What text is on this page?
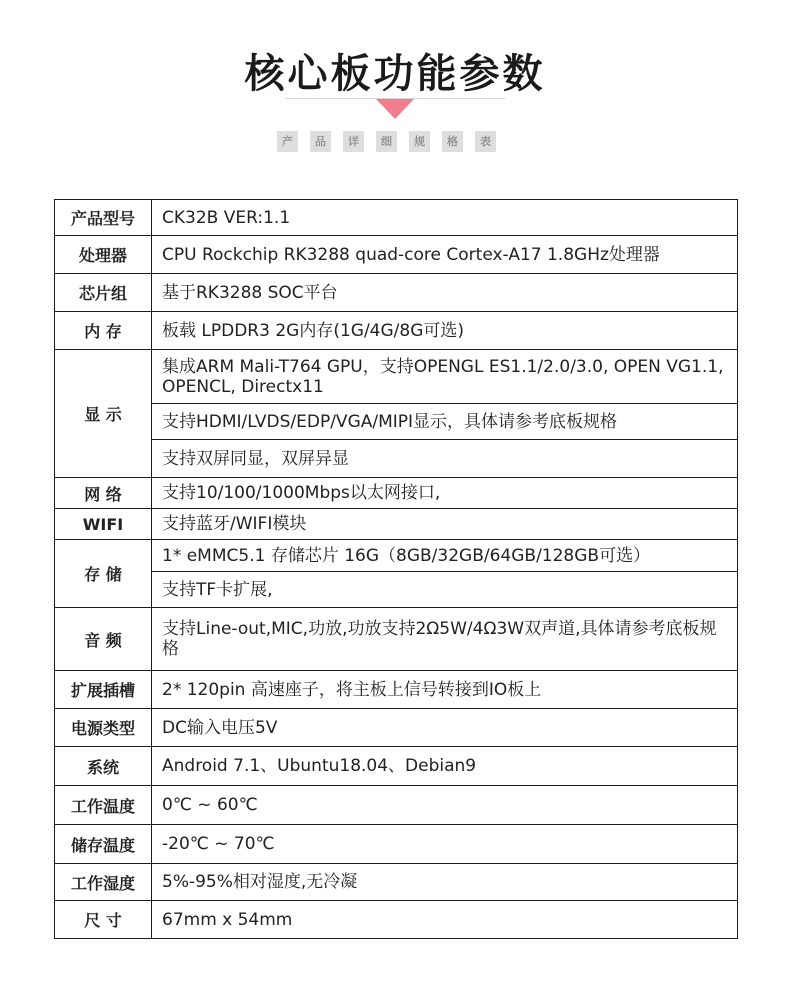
核心板功能参数
产	品	详	细	规	格	表
产品型号	CK32B VER:1.1
处理器	CPU Rockchip RK3288 quad-core Cortex-A17 1.8GHz处理器
芯片组	基于RK3288 SOC平台
内 存	板载 LPDDR3 2G内存(1G/4G/8G可选)
显 示	集成ARM Mali-T764 GPU，支持OPENGL ES1.1/2.0/3.0, OPEN VG1.1, OPENCL, Directx11
	支持HDMI/LVDS/EDP/VGA/MIPI显示，具体请参考底板规格
	支持双屏同显，双屏异显
网 络	支持10/100/1000Mbps以太网接口,
WIFI	支持蓝牙/WIFI模块
存 储	1* eMMC5.1 存储芯片 16G（8GB/32GB/64GB/128GB可选）
	支持TF卡扩展,
音 频	支持Line-out,MIC,功放,功放支持2Ω5W/4Ω3W双声道,具体请参考底板规格
扩展插槽	2* 120pin 高速座子，将主板上信号转接到IO板上
电源类型	DC输入电压5V
系统	Android 7.1、Ubuntu18.04、Debian9
工作温度	0℃ ~ 60℃
储存温度	-20℃ ~ 70℃
工作湿度	5%-95%相对湿度,无冷凝
尺 寸	67mm x 54mm
